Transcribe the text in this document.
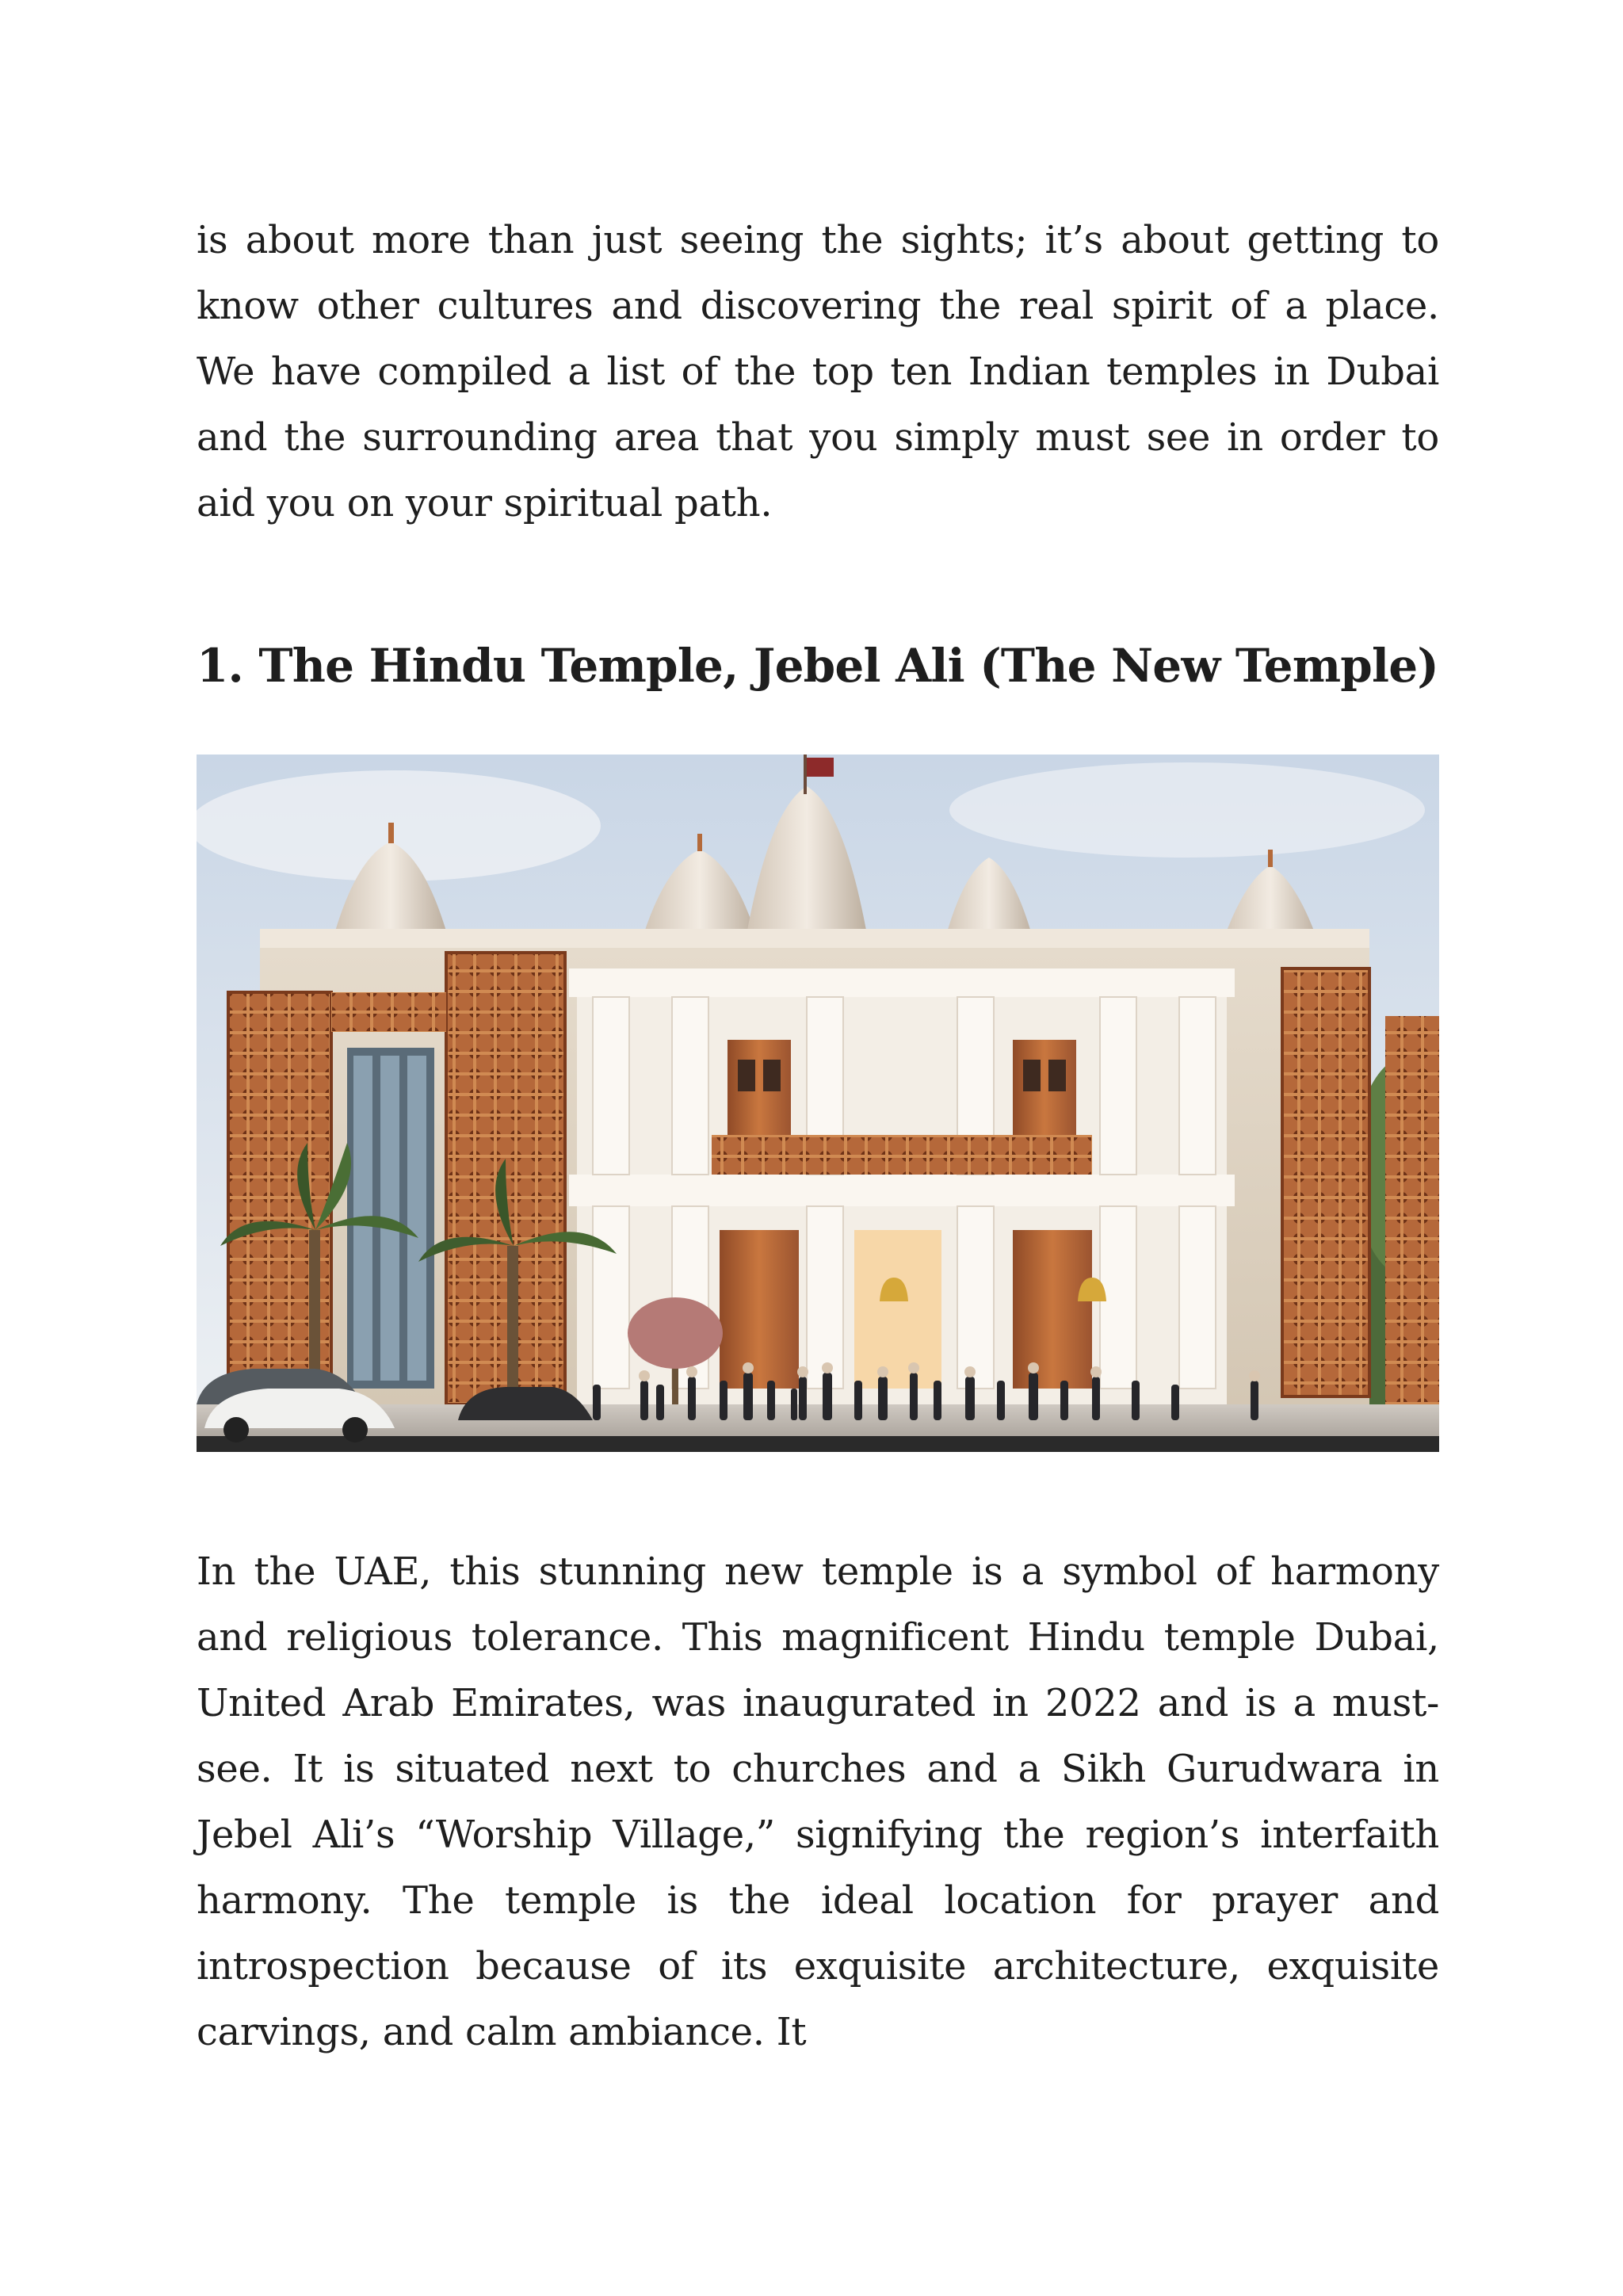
is about more than just seeing the sights; it’s about getting to know other cultures and discovering the real spirit of a place. We have compiled a list of the top ten Indian temples in Dubai and the surrounding area that you simply must see in order to aid you on your spiritual path.

1. The Hindu Temple, Jebel Ali (The New Temple)

In the UAE, this stunning new temple is a symbol of harmony and religious tolerance. This magnificent Hindu temple Dubai, United Arab Emirates, was inaugurated in 2022 and is a must-see. It is situated next to churches and a Sikh Gurudwara in Jebel Ali’s “Worship Village,” signifying the region’s interfaith harmony. The temple is the ideal location for prayer and introspection because of its exquisite architecture, exquisite carvings, and calm ambiance. It
